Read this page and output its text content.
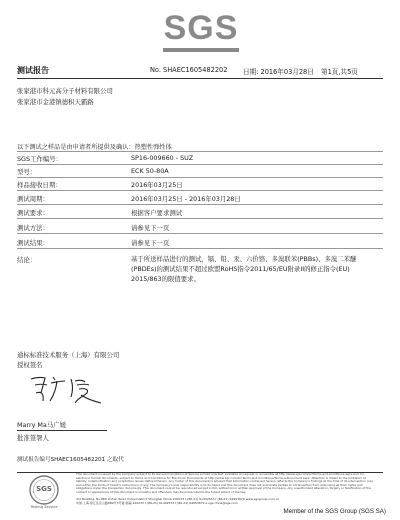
SGS
测试报告	No. SHAEC1605482202 日期: 2016年03月28日 第1页,共5页
张家港市科元高分子材料有限公司
张家港市金港镇德积天霸路
以下测试之样品是由申请者所提供及确认：热塑性弹性体
SGS工作编号：	SP16-009660 - SUZ
型号：	ECK 50-80A
样品接收日期：	2016年03月25日
测试周期：	2016年03月25日 - 2016年03月28日
测试要求：	根据客户要求测试
测试方法：	请参见下一页
测试结果：	请参见下一页
结论：	基于所送样品进行的测试，镉、铅、汞、六价铬、多溴联苯(PBBs)、多溴二苯醚(PBDEs)的测试结果不超过欧盟RoHS指令2011/65/EU附录II的修正指令(EU) 2015/863的限值要求。
通标标准技术服务（上海）有限公司
授权签名
Marry Ma马广媛
批准签署人
测试报告编号SHAEC1605482201 之取代
SGS
Testing Service
This document is issued by the Company subject to its General Conditions of Service printed overleaf, available on request or accessible at http://www.sgs.com/en/Terms-and-Conditions.aspx and, for electronic format documents, subject to Terms and Conditions for Electronic Documents at http://www.sgs.com/en/Terms-and-Conditions/Terms-e-Document.aspx. Attention is drawn to the limitation of liability, indemnification and jurisdiction issues defined therein. Any holder of this document is advised that information contained hereon reflects the Company's findings at the time of its intervention only and within the limits of Client's instructions, if any. The Company's sole responsibility is to its Client and this document does not exonerate parties to a transaction from exercising all their rights and obligations under the transaction documents. This document cannot be reproduced except in full, without prior written approval of the Company. Any unauthorized alteration, forgery or falsification of the content or appearance of this document is unlawful and offenders may be prosecuted to the fullest extent of the law.
3rd Building, No.889 Yishan Road Xuhui District Shanghai China 200233 t (86-21) 61402553 f (86-21) 64953679 www.sgsgroup.com.cn
中国·上海·徐汇区宜山路889号3号楼 邮编 200233 t (86-21) 61402553 f (86-21) 64953679 e sgs.china@sgs.com
Member of the SGS Group (SGS SA)
